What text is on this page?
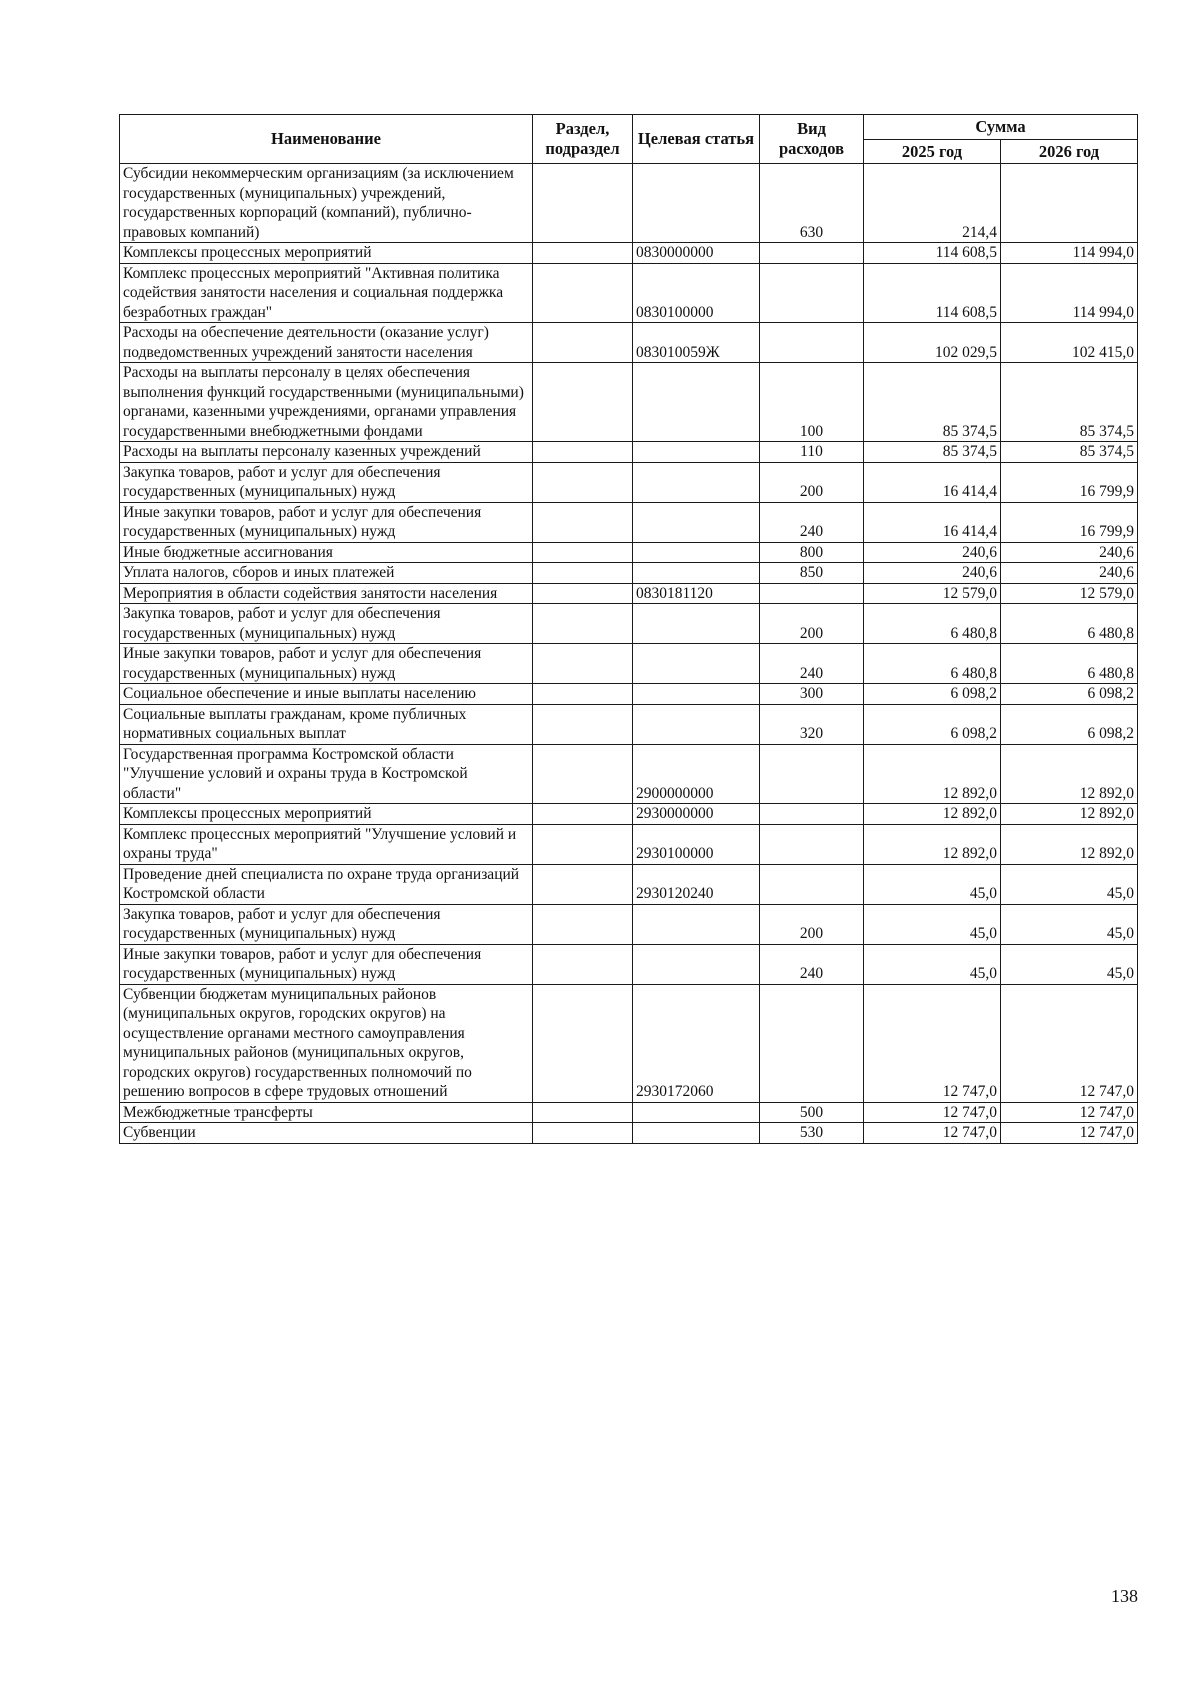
Наименование	Раздел, подраздел	Целевая статья	Вид расходов	Сумма	
				2025 год	2026 год
Субсидии некоммерческим организациям (за исключением государственных (муниципальных) учреждений, государственных корпораций (компаний), публично-правовых компаний)			630	214,4	
Комплексы процессных мероприятий		0830000000		114 608,5	114 994,0
Комплекс процессных мероприятий "Активная политика содействия занятости населения и социальная поддержка безработных граждан"		0830100000		114 608,5	114 994,0
Расходы на обеспечение деятельности (оказание услуг) подведомственных учреждений занятости населения		083010059Ж		102 029,5	102 415,0
Расходы на выплаты персоналу в целях обеспечения выполнения функций государственными (муниципальными) органами, казенными учреждениями, органами управления государственными внебюджетными фондами			100	85 374,5	85 374,5
Расходы на выплаты персоналу казенных учреждений			110	85 374,5	85 374,5
Закупка товаров, работ и услуг для обеспечения государственных (муниципальных) нужд			200	16 414,4	16 799,9
Иные закупки товаров, работ и услуг для обеспечения государственных (муниципальных) нужд			240	16 414,4	16 799,9
Иные бюджетные ассигнования			800	240,6	240,6
Уплата налогов, сборов и иных платежей			850	240,6	240,6
Мероприятия в области содействия занятости населения		0830181120		12 579,0	12 579,0
Закупка товаров, работ и услуг для обеспечения государственных (муниципальных) нужд			200	6 480,8	6 480,8
Иные закупки товаров, работ и услуг для обеспечения государственных (муниципальных) нужд			240	6 480,8	6 480,8
Социальное обеспечение и иные выплаты населению			300	6 098,2	6 098,2
Социальные выплаты гражданам, кроме публичных нормативных социальных выплат			320	6 098,2	6 098,2
Государственная программа Костромской области "Улучшение условий и охраны труда в Костромской области"		2900000000		12 892,0	12 892,0
Комплексы процессных мероприятий		2930000000		12 892,0	12 892,0
Комплекс процессных мероприятий "Улучшение условий и охраны труда"		2930100000		12 892,0	12 892,0
Проведение дней специалиста по охране труда организаций Костромской области		2930120240		45,0	45,0
Закупка товаров, работ и услуг для обеспечения государственных (муниципальных) нужд			200	45,0	45,0
Иные закупки товаров, работ и услуг для обеспечения государственных (муниципальных) нужд			240	45,0	45,0
Субвенции бюджетам муниципальных районов (муниципальных округов, городских округов) на осуществление органами местного самоуправления муниципальных районов (муниципальных округов, городских округов) государственных полномочий по решению вопросов в сфере трудовых отношений		2930172060		12 747,0	12 747,0
Межбюджетные трансферты			500	12 747,0	12 747,0
Субвенции			530	12 747,0	12 747,0
138
